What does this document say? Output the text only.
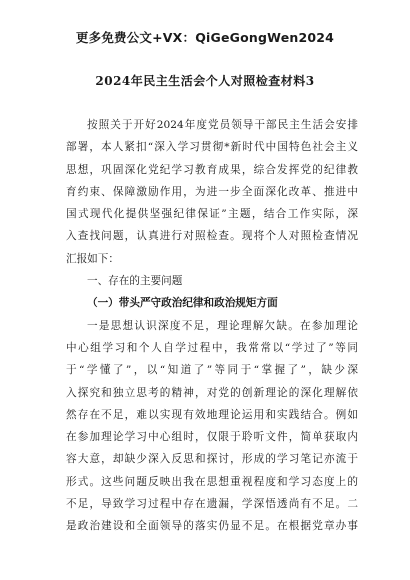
更多免费公文+VX：QiGeGongWen2024
2024年民主生活会个人对照检查材料3
按照关于开好2024年度党员领导干部民主生活会安排
部署，本人紧扣“深入学习贯彻*新时代中国特色社会主义
思想，巩固深化党纪学习教育成果，综合发挥党的纪律教
育约束、保障激励作用，为进一步全面深化改革、推进中
国式现代化提供坚强纪律保证”主题，结合工作实际，深
入查找问题，认真进行对照检查。现将个人对照检查情况
汇报如下：
一、存在的主要问题
（一）带头严守政治纪律和政治规矩方面
一是思想认识深度不足，理论理解欠缺。在参加理论
中心组学习和个人自学过程中，我常常以“学过了”等同
于“学懂了”，以“知道了”等同于“掌握了”，缺少深
入探究和独立思考的精神，对党的创新理论的深化理解依
然存在不足，难以实现有效地理论运用和实践结合。例如
在参加理论学习中心组时，仅限于聆听文件，简单获取内
容大意，却缺少深入反思和探讨，形成的学习笔记亦流于
形式。这些问题反映出我在思想重视程度和学习态度上的
不足，导致学习过程中存在遗漏，学深悟透尚有不足。二
是政治建设和全面领导的落实仍显不足。在根据党章办事
